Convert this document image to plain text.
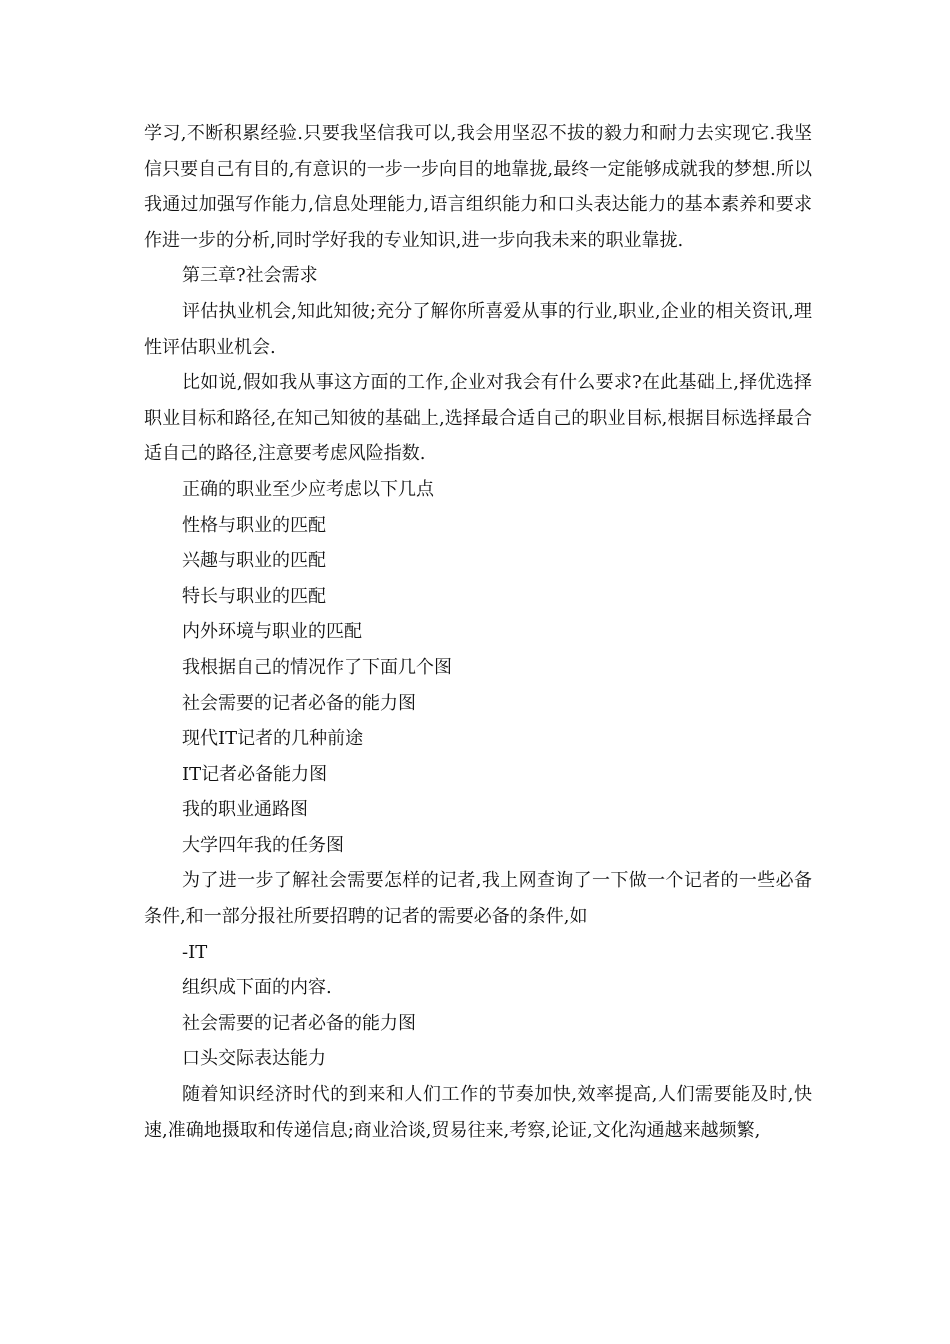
学习,不断积累经验.只要我坚信我可以,我会用坚忍不拔的毅力和耐力去实现它.我坚信只要自己有目的,有意识的一步一步向目的地靠拢,最终一定能够成就我的梦想.所以我通过加强写作能力,信息处理能力,语言组织能力和口头表达能力的基本素养和要求作进一步的分析,同时学好我的专业知识,进一步向我未来的职业靠拢.

第三章?社会需求

评估执业机会,知此知彼;充分了解你所喜爱从事的行业,职业,企业的相关资讯,理性评估职业机会.

比如说,假如我从事这方面的工作,企业对我会有什么要求?在此基础上,择优选择职业目标和路径,在知己知彼的基础上,选择最合适自己的职业目标,根据目标选择最合适自己的路径,注意要考虑风险指数.

正确的职业至少应考虑以下几点

性格与职业的匹配

兴趣与职业的匹配

特长与职业的匹配

内外环境与职业的匹配

我根据自己的情况作了下面几个图

社会需要的记者必备的能力图

现代IT记者的几种前途

IT记者必备能力图

我的职业通路图

大学四年我的任务图

为了进一步了解社会需要怎样的记者,我上网查询了一下做一个记者的一些必备条件,和一部分报社所要招聘的记者的需要必备的条件,如

-IT

组织成下面的内容.

社会需要的记者必备的能力图

口头交际表达能力

随着知识经济时代的到来和人们工作的节奏加快,效率提高,人们需要能及时,快速,准确地摄取和传递信息;商业洽谈,贸易往来,考察,论证,文化沟通越来越频繁,
